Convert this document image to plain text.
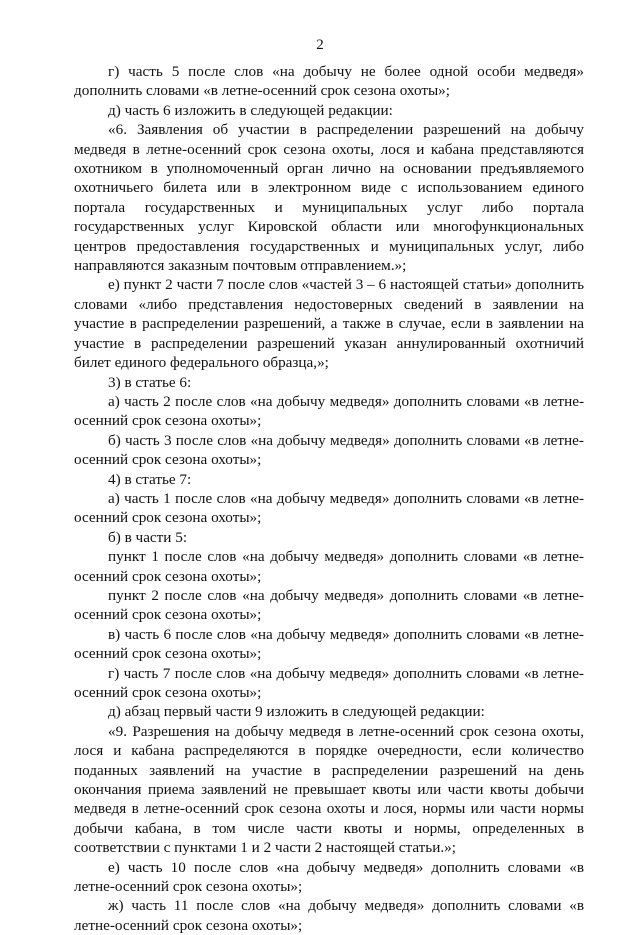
2

г) часть 5 после слов «на добычу не более одной особи медведя» дополнить словами «в летне-осенний срок сезона охоты»;

д) часть 6 изложить в следующей редакции:

«6. Заявления об участии в распределении разрешений на добычу медведя в летне-осенний срок сезона охоты, лося и кабана представляются охотником в уполномоченный орган лично на основании предъявляемого охотничьего билета или в электронном виде с использованием единого портала государственных и муниципальных услуг либо портала государственных услуг Кировской области или многофункциональных центров предоставления государственных и муниципальных услуг, либо направляются заказным почтовым отправлением.»;

е) пункт 2 части 7 после слов «частей 3 – 6 настоящей статьи» дополнить словами «либо представления недостоверных сведений в заявлении на участие в распределении разрешений, а также в случае, если в заявлении на участие в распределении разрешений указан аннулированный охотничий билет единого федерального образца,»;

3) в статье 6:

а) часть 2 после слов «на добычу медведя» дополнить словами «в летне-осенний срок сезона охоты»;

б) часть 3 после слов «на добычу медведя» дополнить словами «в летне-осенний срок сезона охоты»;

4) в статье 7:

а) часть 1 после слов «на добычу медведя» дополнить словами «в летне-осенний срок сезона охоты»;

б) в части 5:

пункт 1 после слов «на добычу медведя» дополнить словами «в летне-осенний срок сезона охоты»;

пункт 2 после слов «на добычу медведя» дополнить словами «в летне-осенний срок сезона охоты»;

в) часть 6 после слов «на добычу медведя» дополнить словами «в летне-осенний срок сезона охоты»;

г) часть 7 после слов «на добычу медведя» дополнить словами «в летне-осенний срок сезона охоты»;

д) абзац первый части 9 изложить в следующей редакции:

«9. Разрешения на добычу медведя в летне-осенний срок сезона охоты, лося и кабана распределяются в порядке очередности, если количество поданных заявлений на участие в распределении разрешений на день окончания приема заявлений не превышает квоты или части квоты добычи медведя в летне-осенний срок сезона охоты и лося, нормы или части нормы добычи кабана, в том числе части квоты и нормы, определенных в соответствии с пунктами 1 и 2 части 2 настоящей статьи.»;

е) часть 10 после слов «на добычу медведя» дополнить словами «в летне-осенний срок сезона охоты»;

ж) часть 11 после слов «на добычу медведя» дополнить словами «в летне-осенний срок сезона охоты»;
